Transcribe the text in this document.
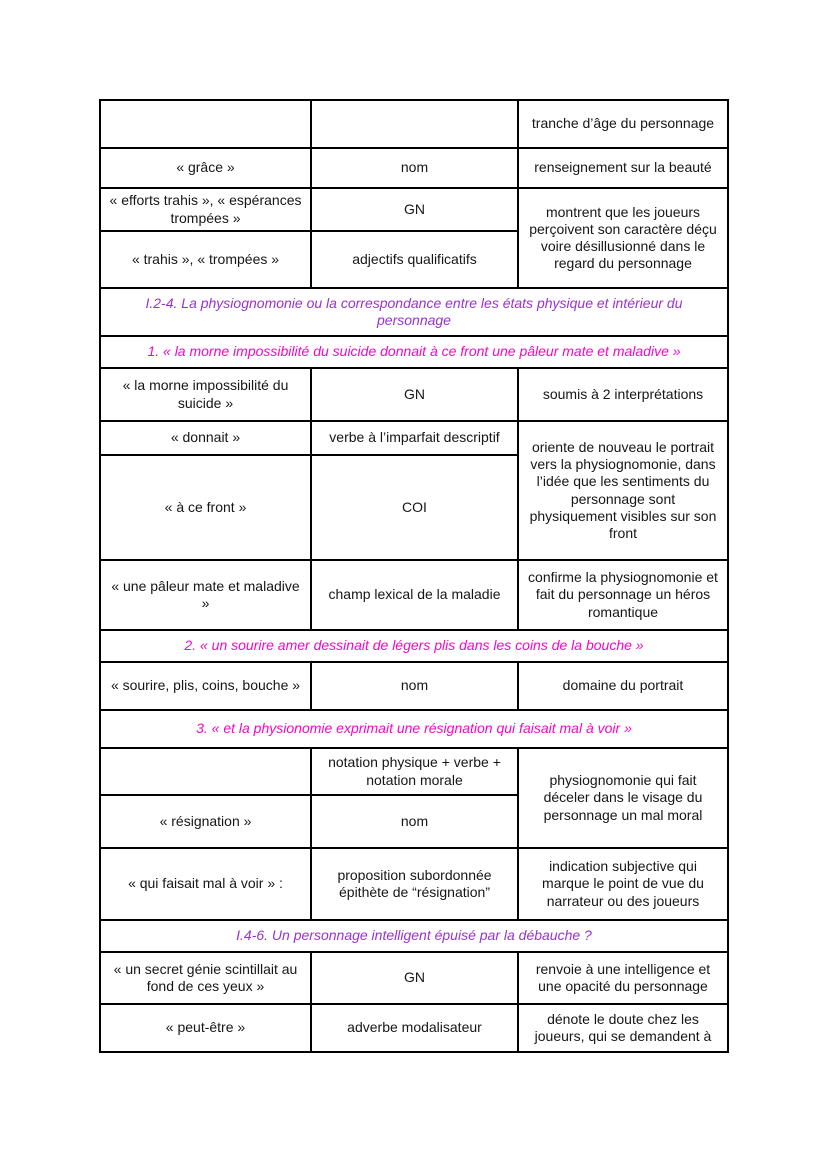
		tranche d’âge du personnage
« grâce »	nom	renseignement sur la beauté
« efforts trahis », « espérances trompées »	GN	montrent que les joueurs perçoivent son caractère déçu voire désillusionné dans le regard du personnage
« trahis », « trompées »	adjectifs qualificatifs	
I.2-4. La physiognomonie ou la correspondance entre les états physique et intérieur du personnage		
1. « la morne impossibilité du suicide donnait à ce front une pâleur mate et maladive »		
« la morne impossibilité du suicide »	GN	soumis à 2 interprétations
« donnait »	verbe à l’imparfait descriptif	oriente de nouveau le portrait vers la physiognomonie, dans l’idée que les sentiments du personnage sont physiquement visibles sur son front
« à ce front »	COI	
« une pâleur mate et maladive »	champ lexical de la maladie	confirme la physiognomonie et fait du personnage un héros romantique
2. « un sourire amer dessinait de légers plis dans les coins de la bouche »		
« sourire, plis, coins, bouche »	nom	domaine du portrait
3. « et la physionomie exprimait une résignation qui faisait mal à voir »		
	notation physique + verbe + notation morale	physiognomonie qui fait déceler dans le visage du personnage un mal moral
« résignation »	nom	
« qui faisait mal à voir » :	proposition subordonnée épithète de “résignation”	indication subjective qui marque le point de vue du narrateur ou des joueurs
I.4-6. Un personnage intelligent épuisé par la débauche ?		
« un secret génie scintillait au fond de ces yeux »	GN	renvoie à une intelligence et une opacité du personnage
« peut-être »	adverbe modalisateur	dénote le doute chez les joueurs, qui se demandent à
